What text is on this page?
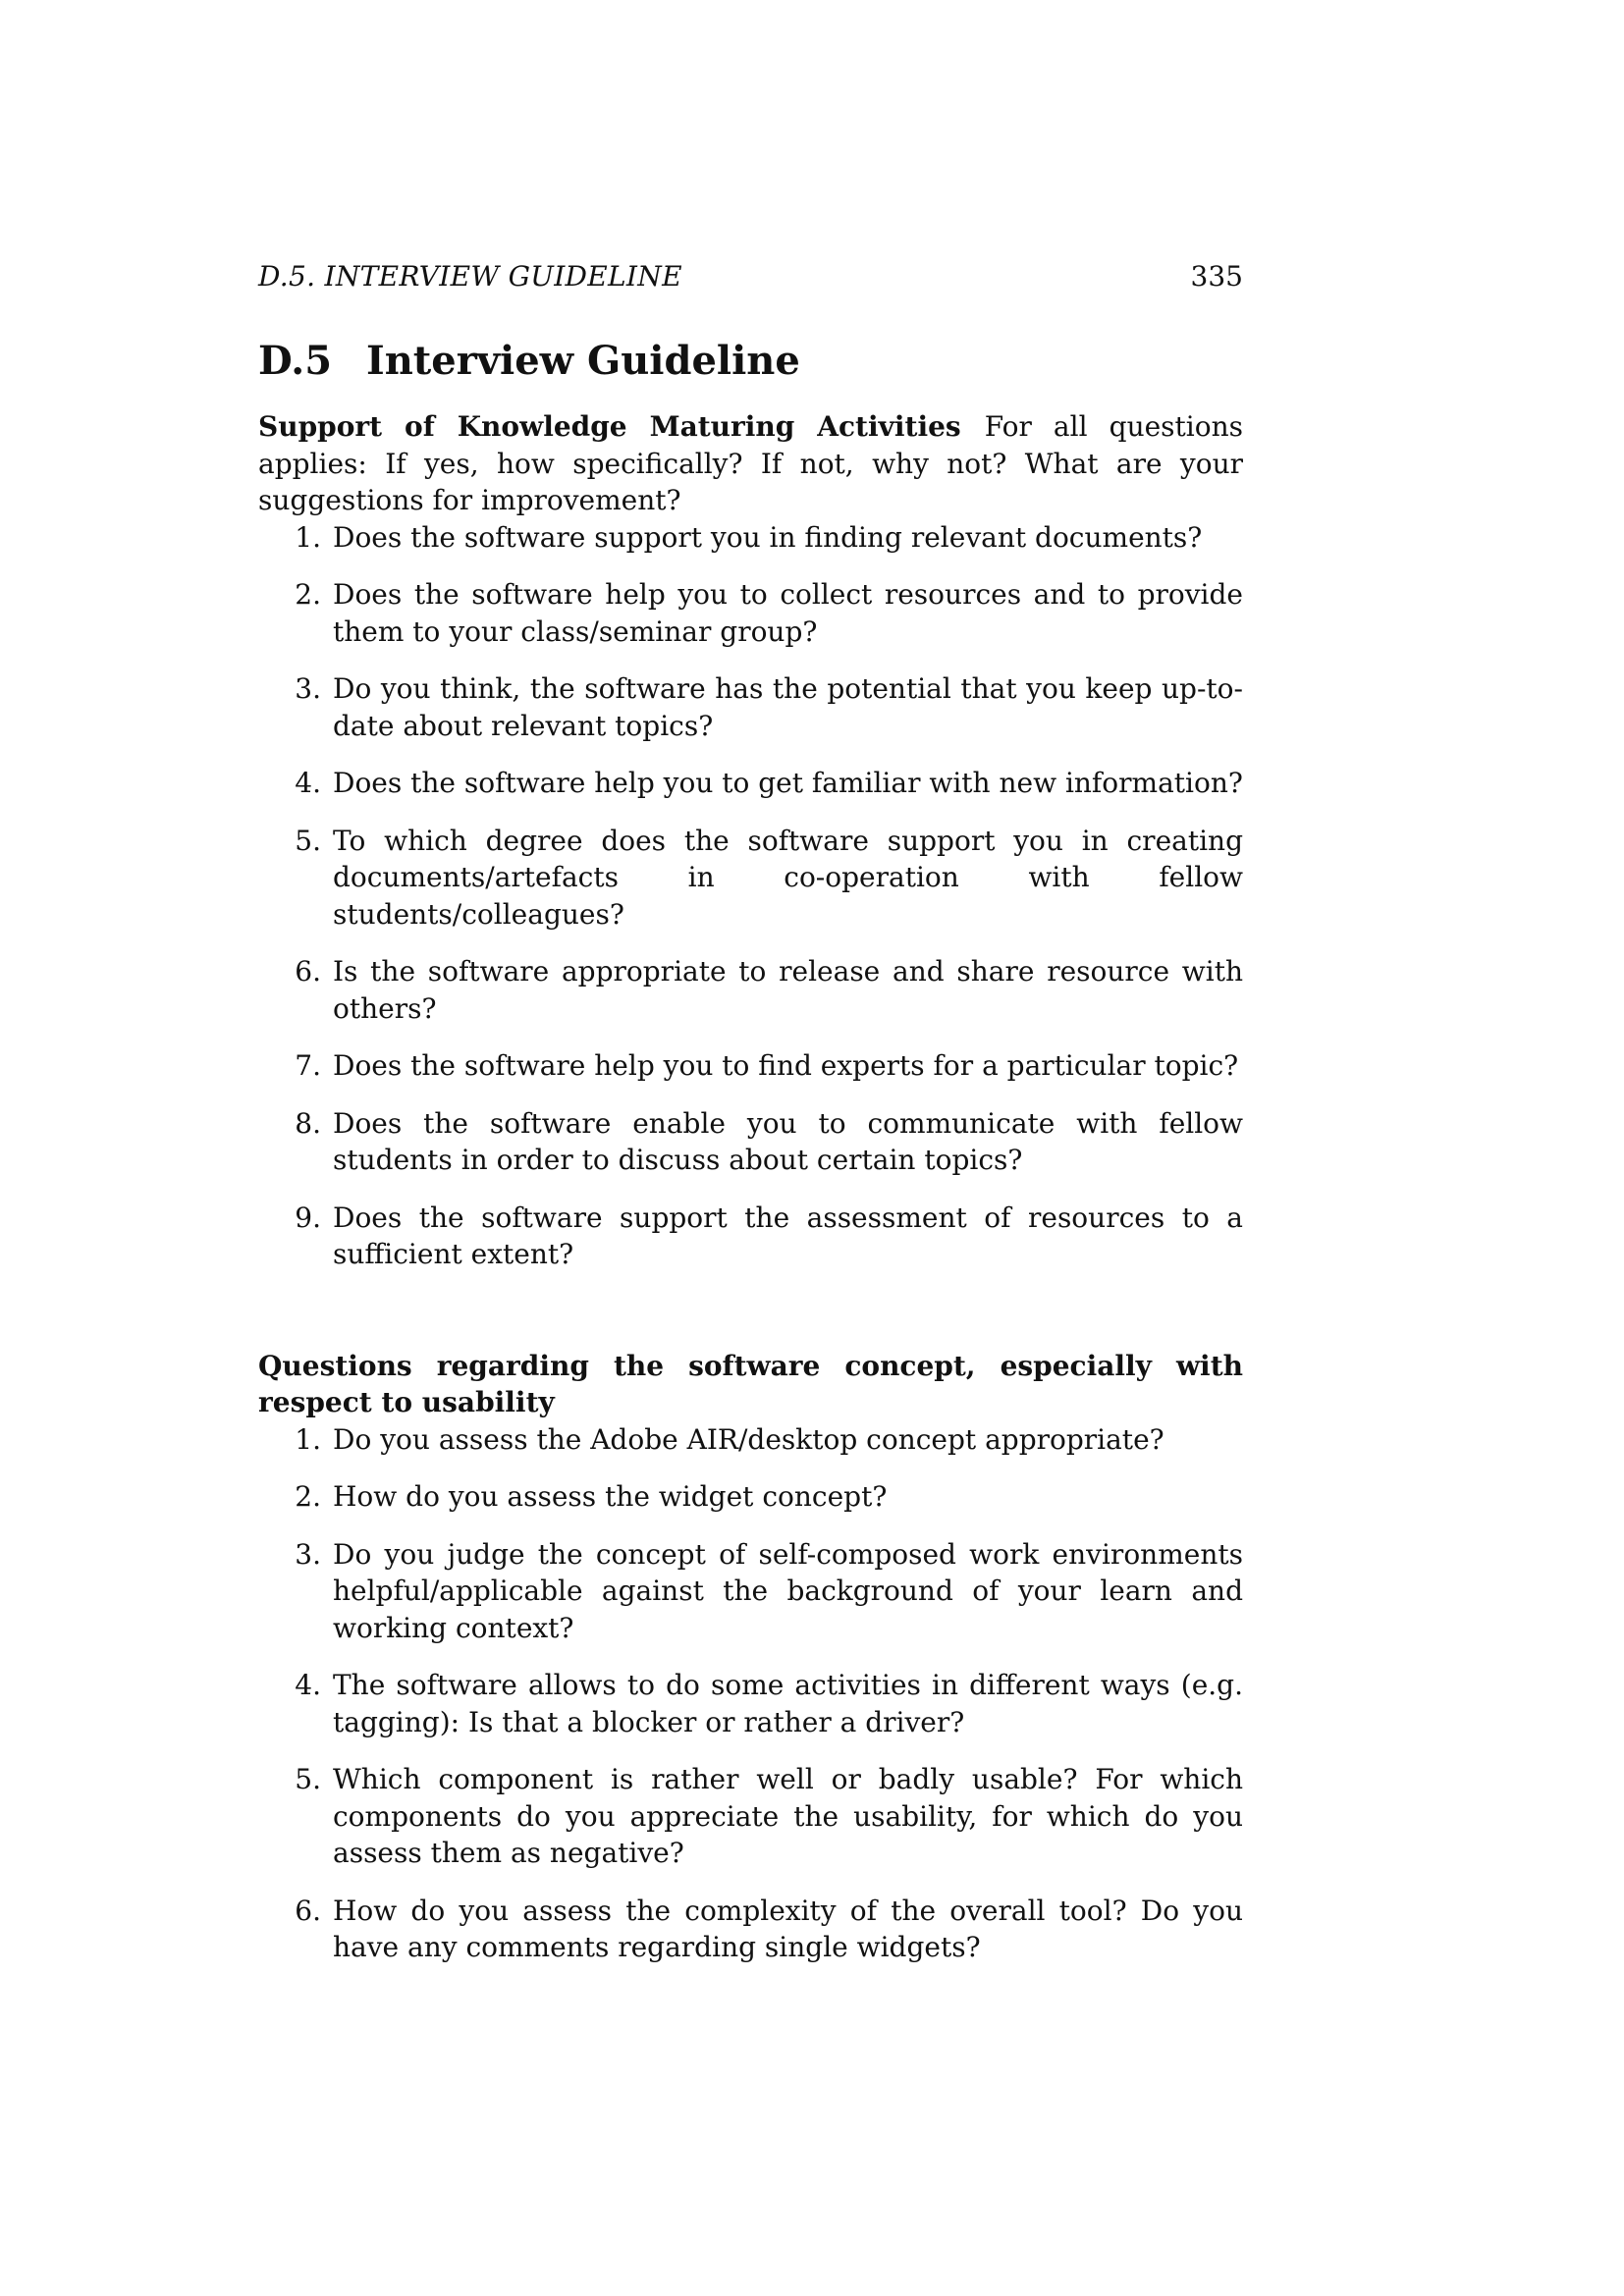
D.5. INTERVIEW GUIDELINE	335
D.5 Interview Guideline

Support of Knowledge Maturing Activities For all questions applies: If yes, how specifically? If not, why not? What are your suggestions for improvement?

1. Does the software support you in finding relevant documents?
2. Does the software help you to collect resources and to provide them to your class/seminar group?
3. Do you think, the software has the potential that you keep up-to-date about relevant topics?
4. Does the software help you to get familiar with new information?
5. To which degree does the software support you in creating documents/artefacts in co-operation with fellow students/colleagues?
6. Is the software appropriate to release and share resource with others?
7. Does the software help you to find experts for a particular topic?
8. Does the software enable you to communicate with fellow students in order to discuss about certain topics?
9. Does the software support the assessment of resources to a sufficient extent?
Questions regarding the software concept, especially with respect to usability
1. Do you assess the Adobe AIR/desktop concept appropriate?
2. How do you assess the widget concept?
3. Do you judge the concept of self-composed work environments helpful/applicable against the background of your learn and working context?
4. The software allows to do some activities in different ways (e.g. tagging): Is that a blocker or rather a driver?
5. Which component is rather well or badly usable? For which components do you appreciate the usability, for which do you assess them as negative?
6. How do you assess the complexity of the overall tool? Do you have any comments regarding single widgets?
